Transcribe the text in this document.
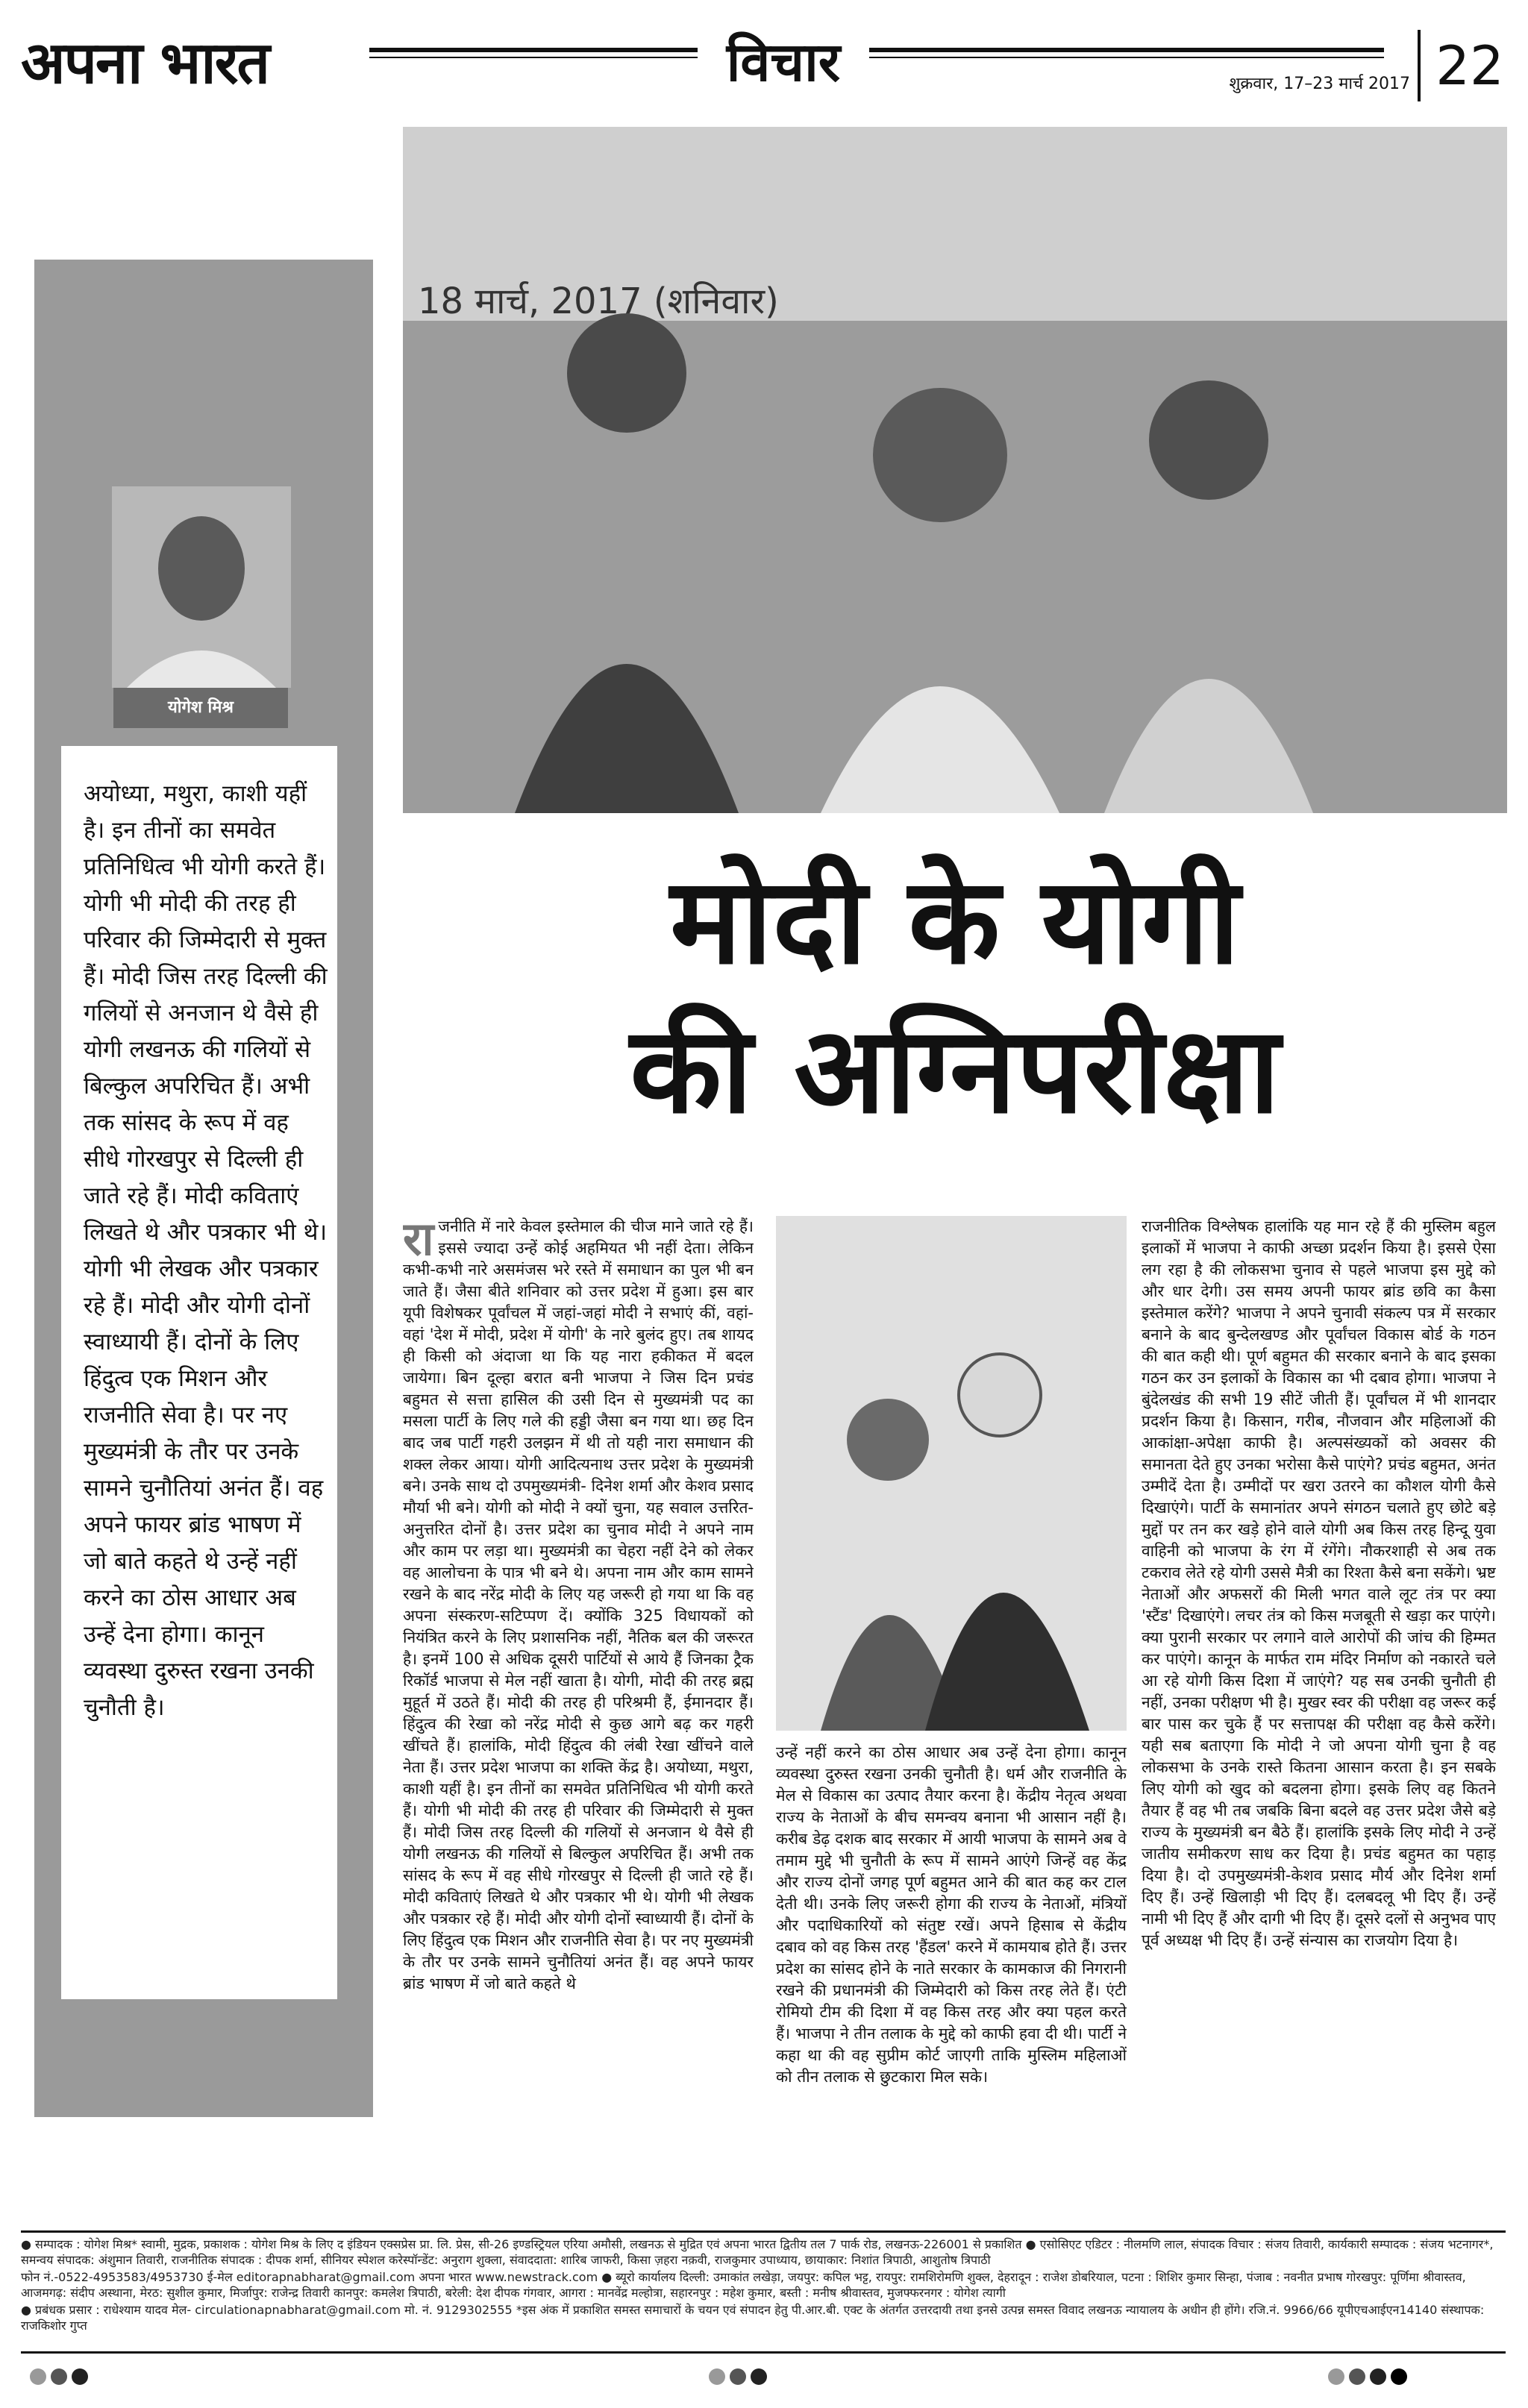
अपना भारत	विचार	शुक्रवार, 17–23 मार्च 2017 22
योगेश मिश्र
अयोध्या, मथुरा, काशी यहीं है। इन तीनों का समवेत प्रतिनिधित्व भी योगी करते हैं। योगी भी मोदी की तरह ही परिवार की जिम्मेदारी से मुक्त हैं। मोदी जिस तरह दिल्ली की गलियों से अनजान थे वैसे ही योगी लखनऊ की गलियों से बिल्कुल अपरिचित हैं। अभी तक सांसद के रूप में वह सीधे गोरखपुर से दिल्ली ही जाते रहे हैं। मोदी कविताएं लिखते थे और पत्रकार भी थे। योगी भी लेखक और पत्रकार रहे हैं। मोदी और योगी दोनों स्वाध्यायी हैं। दोनों के लिए हिंदुत्व एक मिशन और राजनीति सेवा है। पर नए मुख्यमंत्री के तौर पर उनके सामने चुनौतियां अनंत हैं। वह अपने फायर ब्रांड भाषण में जो बाते कहते थे उन्हें नहीं करने का ठोस आधार अब उन्हें देना होगा। कानून व्यवस्था दुरुस्त रखना उनकी चुनौती है।
18 मार्च, 2017 (शनिवार)
मोदी के योगी
की अग्निपरीक्षा
रा जनीति में नारे केवल इस्तेमाल की चीज माने जाते रहे हैं। इससे ज्यादा उन्हें कोई अहमियत भी नहीं देता। लेकिन कभी-कभी नारे असमंजस भरे रस्ते में समाधान का पुल भी बन जाते हैं। जैसा बीते शनिवार को उत्तर प्रदेश में हुआ। इस बार यूपी विशेषकर पूर्वांचल में जहां-जहां मोदी ने सभाएं कीं, वहां-वहां 'देश में मोदी, प्रदेश में योगी' के नारे बुलंद हुए। तब शायद ही किसी को अंदाजा था कि यह नारा हकीकत में बदल जायेगा। बिन दूल्हा बरात बनी भाजपा ने जिस दिन प्रचंड बहुमत से सत्ता हासिल की उसी दिन से मुख्यमंत्री पद का मसला पार्टी के लिए गले की हड्डी जैसा बन गया था। छह दिन बाद जब पार्टी गहरी उलझन में थी तो यही नारा समाधान की शक्ल लेकर आया। योगी आदित्यनाथ उत्तर प्रदेश के मुख्यमंत्री बने। उनके साथ दो उपमुख्यमंत्री- दिनेश शर्मा और केशव प्रसाद मौर्या भी बने। योगी को मोदी ने क्यों चुना, यह सवाल उत्तरित-अनुत्तरित दोनों है। उत्तर प्रदेश का चुनाव मोदी ने अपने नाम और काम पर लड़ा था। मुख्यमंत्री का चेहरा नहीं देने को लेकर वह आलोचना के पात्र भी बने थे। अपना नाम और काम सामने रखने के बाद नरेंद्र मोदी के लिए यह जरूरी हो गया था कि वह अपना संस्करण-सटिप्पण दें। क्योंकि 325 विधायकों को नियंत्रित करने के लिए प्रशासनिक नहीं, नैतिक बल की जरूरत है। इनमें 100 से अधिक दूसरी पार्टियों से आये हैं जिनका ट्रैक रिकॉर्ड भाजपा से मेल नहीं खाता है। योगी, मोदी की तरह ब्रह्म मुहूर्त में उठते हैं। मोदी की तरह ही परिश्रमी हैं, ईमानदार हैं। हिंदुत्व की रेखा को नरेंद्र मोदी से कुछ आगे बढ़ कर गहरी खींचते हैं। हालांकि, मोदी हिंदुत्व की लंबी रेखा खींचने वाले नेता हैं। उत्तर प्रदेश भाजपा का शक्ति केंद्र है। अयोध्या, मथुरा, काशी यहीं है। इन तीनों का समवेत प्रतिनिधित्व भी योगी करते हैं। योगी भी मोदी की तरह ही परिवार की जिम्मेदारी से मुक्त हैं। मोदी जिस तरह दिल्ली की गलियों से अनजान थे वैसे ही योगी लखनऊ की गलियों से बिल्कुल अपरिचित हैं। अभी तक सांसद के रूप में वह सीधे गोरखपुर से दिल्ली ही जाते रहे हैं। मोदी कविताएं लिखते थे और पत्रकार भी थे। योगी भी लेखक और पत्रकार रहे हैं। मोदी और योगी दोनों स्वाध्यायी हैं। दोनों के लिए हिंदुत्व एक मिशन और राजनीति सेवा है। पर नए मुख्यमंत्री के तौर पर उनके सामने चुनौतियां अनंत हैं। वह अपने फायर ब्रांड भाषण में जो बाते कहते थे
उन्हें नहीं करने का ठोस आधार अब उन्हें देना होगा। कानून व्यवस्था दुरुस्त रखना उनकी चुनौती है। धर्म और राजनीति के मेल से विकास का उत्पाद तैयार करना है। केंद्रीय नेतृत्व अथवा राज्य के नेताओं के बीच समन्वय बनाना भी आसान नहीं है। करीब डेढ़ दशक बाद सरकार में आयी भाजपा के सामने अब वे तमाम मुद्दे भी चुनौती के रूप में सामने आएंगे जिन्हें वह केंद्र और राज्य दोनों जगह पूर्ण बहुमत आने की बात कह कर टाल देती थी। उनके लिए जरूरी होगा की राज्य के नेताओं, मंत्रियों और पदाधिकारियों को संतुष्ट रखें। अपने हिसाब से केंद्रीय दबाव को वह किस तरह 'हैंडल' करने में कामयाब होते हैं। उत्तर प्रदेश का सांसद होने के नाते सरकार के कामकाज की निगरानी रखने की प्रधानमंत्री की जिम्मेदारी को किस तरह लेते हैं। एंटी रोमियो टीम की दिशा में वह किस तरह और क्या पहल करते हैं। भाजपा ने तीन तलाक के मुद्दे को काफी हवा दी थी। पार्टी ने कहा था की वह सुप्रीम कोर्ट जाएगी ताकि मुस्लिम महिलाओं को तीन तलाक से छुटकारा मिल सके।
राजनीतिक विश्लेषक हालांकि यह मान रहे हैं की मुस्लिम बहुल इलाकों में भाजपा ने काफी अच्छा प्रदर्शन किया है। इससे ऐसा लग रहा है की लोकसभा चुनाव से पहले भाजपा इस मुद्दे को और धार देगी। उस समय अपनी फायर ब्रांड छवि का कैसा इस्तेमाल करेंगे? भाजपा ने अपने चुनावी संकल्प पत्र में सरकार बनाने के बाद बुन्देलखण्ड और पूर्वांचल विकास बोर्ड के गठन की बात कही थी। पूर्ण बहुमत की सरकार बनाने के बाद इसका गठन कर उन इलाकों के विकास का भी दबाव होगा। भाजपा ने बुंदेलखंड की सभी 19 सीटें जीती हैं। पूर्वांचल में भी शानदार प्रदर्शन किया है। किसान, गरीब, नौजवान और महिलाओं की आकांक्षा-अपेक्षा काफी है। अल्पसंख्यकों को अवसर की समानता देते हुए उनका भरोसा कैसे पाएंगे? प्रचंड बहुमत, अनंत उम्मीदें देता है। उम्मीदों पर खरा उतरने का कौशल योगी कैसे दिखाएंगे। पार्टी के समानांतर अपने संगठन चलाते हुए छोटे बड़े मुद्दों पर तन कर खड़े होने वाले योगी अब किस तरह हिन्दू युवा वाहिनी को भाजपा के रंग में रंगेंगे। नौकरशाही से अब तक टकराव लेते रहे योगी उससे मैत्री का रिश्ता कैसे बना सकेंगे। भ्रष्ट नेताओं और अफसरों की मिली भगत वाले लूट तंत्र पर क्या 'स्टैंड' दिखाएंगे। लचर तंत्र को किस मजबूती से खड़ा कर पाएंगे। क्या पुरानी सरकार पर लगाने वाले आरोपों की जांच की हिम्मत कर पाएंगे। कानून के मार्फत राम मंदिर निर्माण को नकारते चले आ रहे योगी किस दिशा में जाएंगे? यह सब उनकी चुनौती ही नहीं, उनका परीक्षण भी है। मुखर स्वर की परीक्षा वह जरूर कई बार पास कर चुके हैं पर सत्तापक्ष की परीक्षा वह कैसे करेंगे। यही सब बताएगा कि मोदी ने जो अपना योगी चुना है वह लोकसभा के उनके रास्ते कितना आसान करता है। इन सबके लिए योगी को खुद को बदलना होगा। इसके लिए वह कितने तैयार हैं वह भी तब जबकि बिना बदले वह उत्तर प्रदेश जैसे बड़े राज्य के मुख्यमंत्री बन बैठे हैं। हालांकि इसके लिए मोदी ने उन्हें जातीय समीकरण साध कर दिया है। प्रचंड बहुमत का पहाड़ दिया है। दो उपमुख्यमंत्री-केशव प्रसाद मौर्य और दिनेश शर्मा दिए हैं। उन्हें खिलाड़ी भी दिए हैं। दलबदलू भी दिए हैं। उन्हें नामी भी दिए हैं और दागी भी दिए हैं। दूसरे दलों से अनुभव पाए पूर्व अध्यक्ष भी दिए हैं। उन्हें संन्यास का राजयोग दिया है।

● सम्पादक : योगेश मिश्र* स्वामी, मुद्रक, प्रकाशक : योगेश मिश्र के लिए द इंडियन एक्सप्रेस प्रा. लि. प्रेस, सी-26 इण्डस्ट्रियल एरिया अमौसी, लखनऊ से मुद्रित एवं अपना भारत द्वितीय तल 7 पार्क रोड, लखनऊ-226001 से प्रकाशित ● एसोसिएट एडिटर : नीलमणि लाल, संपादक विचार : संजय तिवारी, कार्यकारी सम्पादक : संजय भटनागर*, समन्वय संपादक: अंशुमान तिवारी, राजनीतिक संपादक : दीपक शर्मा, सीनियर स्पेशल करेस्पॉन्डेंट: अनुराग शुक्ला, संवाददाता: शारिब जाफरी, किसा ज़हरा नक़वी, राजकुमार उपाध्याय, छायाकार: निशांत त्रिपाठी, आशुतोष त्रिपाठी

फोन नं.-0522-4953583/4953730 ई-मेल editorapnabharat@gmail.com अपना भारत www.newstrack.com ● ब्यूरो कार्यालय दिल्ली: उमाकांत लखेड़ा, जयपुर: कपिल भट्ट, रायपुर: रामशिरोमणि शुक्ल, देहरादून : राजेश डोबरियाल, पटना : शिशिर कुमार सिन्हा, पंजाब : नवनीत प्रभाष गोरखपुर: पूर्णिमा श्रीवास्तव, आजमगढ़: संदीप अस्थाना, मेरठ: सुशील कुमार, मिर्जापुर: राजेन्द्र तिवारी कानपुर: कमलेश त्रिपाठी, बरेली: देश दीपक गंगवार, आगरा : मानवेंद्र मल्होत्रा, सहारनपुर : महेश कुमार, बस्ती : मनीष श्रीवास्तव, मुजफ्फरनगर : योगेश त्यागी

● प्रबंधक प्रसार : राधेश्याम यादव मेल- circulationapnabharat@gmail.com मो. नं. 9129302555 *इस अंक में प्रकाशित समस्त समाचारों के चयन एवं संपादन हेतु पी.आर.बी. एक्ट के अंतर्गत उत्तरदायी तथा इनसे उत्पन्न समस्त विवाद लखनऊ न्यायालय के अधीन ही होंगे। रजि.नं. 9966/66 यूपीएचआईएन14140 संस्थापक: राजकिशोर गुप्त
